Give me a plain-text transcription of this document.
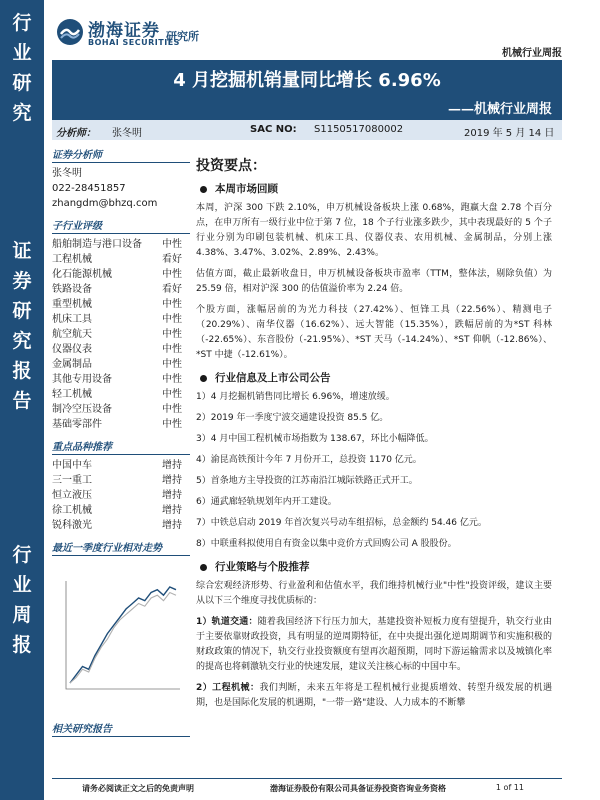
行
业
研
究
证
券
研
究
报
告
行
业
周
报
渤海证券
BOHAI SECURITIES
研究所
机械行业周报
4 月挖掘机销量同比增长 6.96%
——机械行业周报
分析师： 张冬明	SAC NO: S1150517080002	2019 年 5 月 14 日
证券分析师
张冬明
022-28451857
zhangdm@bhzq.com
子行业评级
船舶制造与港口设备 中性
工程机械	看好
化石能源机械	中性
铁路设备	看好
重型机械	中性
机床工具	中性
航空航天	中性
仪器仪表	中性
金属制品	中性
其他专用设备	中性
轻工机械	中性
制冷空压设备	中性
基础零部件	中性
重点品种推荐
中国中车	增持
三一重工	增持
恒立液压	增持
徐工机械	增持
锐科激光	增持
最近一季度行业相对走势
相关研究报告
投资要点：
本周市场回顾
本周，沪深 300 下跌 2.10%，申万机械设备板块上涨 0.68%，跑赢大盘 2.78 个百分点，在申万所有一级行业中位于第 7 位，18 个子行业涨多跌少，其中表现最好的 5 个子行业分别为印刷包装机械、机床工具、仪器仪表、农用机械、金属制品，分别上涨 4.38%、3.47%、3.02%、2.89%、2.43%。
估值方面，截止最新收盘日，申万机械设备板块市盈率（TTM，整体法，剔除负值）为 25.59 倍，相对沪深 300 的估值溢价率为 2.24 倍。
个股方面，涨幅居前的为光力科技（27.42%）、恒锋工具（22.56%）、精测电子（20.29%）、南华仪器（16.62%）、远大智能（15.35%），跌幅居前的为*ST 科林（-22.65%）、东音股份（-21.95%）、*ST 天马（-14.24%）、*ST 仰帆（-12.86%）、*ST 中捷（-12.61%）。
行业信息及上市公司公告
1）4 月挖掘机销售同比增长 6.96%，增速放缓。
2）2019 年一季度宁波交通建设投资 85.5 亿。
3）4 月中国工程机械市场指数为 138.67，环比小幅降低。
4）渝昆高铁预计今年 7 月份开工，总投资 1170 亿元。
5）首条地方主导投资的江苏南沿江城际铁路正式开工。
6）通武廊轻轨规划年内开工建设。
7）中铁总启动 2019 年首次复兴号动车组招标，总金额约 54.46 亿元。
8）中联重科拟使用自有资金以集中竞价方式回购公司 A 股股份。
行业策略与个股推荐
综合宏观经济形势、行业盈利和估值水平，我们维持机械行业"中性"投资评级，建议主要从以下三个维度寻找优质标的：
1）轨道交通：随着我国经济下行压力加大，基建投资补短板力度有望提升，轨交行业由于主要依靠财政投资，具有明显的逆周期特征，在中央提出强化逆周期调节和实施积极的财政政策的情况下，轨交行业投资额度有望再次超预期，同时下游运输需求以及城镇化率的提高也将刺激轨交行业的快速发展，建议关注核心标的中国中车。
2）工程机械：我们判断，未来五年将是工程机械行业提质增效、转型升级发展的机遇期，也是国际化发展的机遇期，"一带一路"建设、人力成本的不断攀
请务必阅读正文之后的免责声明	渤海证券股份有限公司具备证券投资咨询业务资格	1 of 11
